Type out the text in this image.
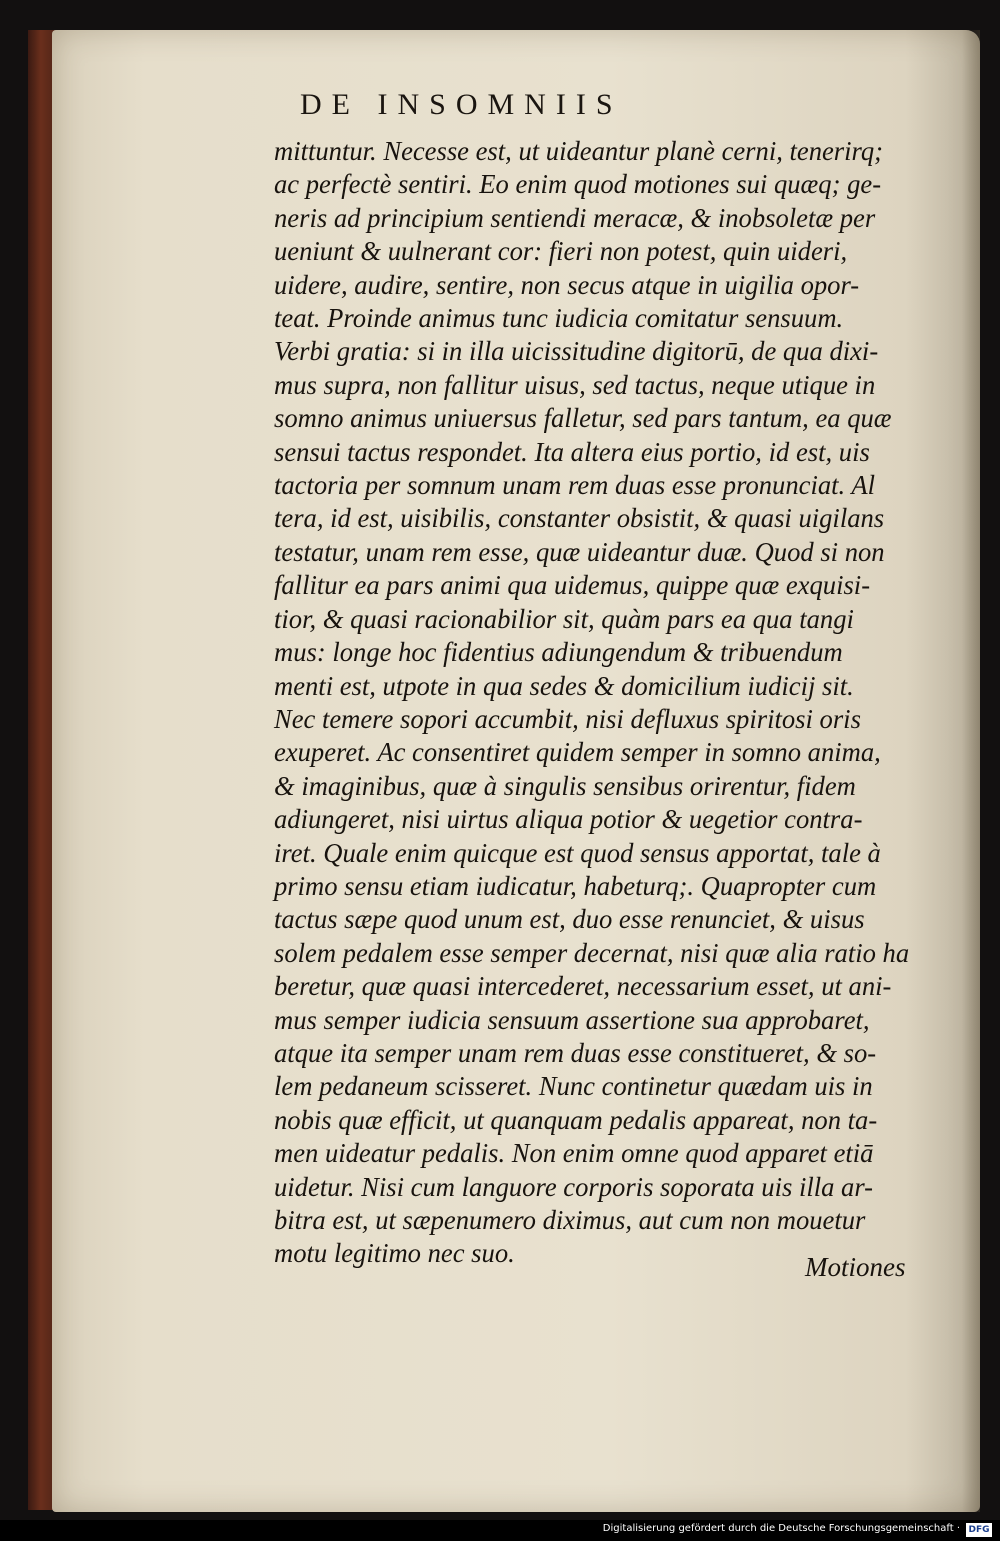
DE INSOMNIIS
mittuntur. Necesse est, ut uideantur planè cerni, tenerirq;
ac perfectè sentiri. Eo enim quod motiones sui quæq; ge-
neris ad principium sentiendi meracæ, & inobsoletæ per
ueniunt & uulnerant cor: fieri non potest, quin uideri,
uidere, audire, sentire, non secus atque in uigilia opor-
teat. Proinde animus tunc iudicia comitatur sensuum.
Verbi gratia: si in illa uicissitudine digitorū, de qua dixi-
mus supra, non fallitur uisus, sed tactus, neque utique in
somno animus uniuersus falletur, sed pars tantum, ea quæ
sensui tactus respondet. Ita altera eius portio, id est, uis
tactoria per somnum unam rem duas esse pronunciat. Al
tera, id est, uisibilis, constanter obsistit, & quasi uigilans
testatur, unam rem esse, quæ uideantur duæ. Quod si non
fallitur ea pars animi qua uidemus, quippe quæ exquisi-
tior, & quasi racionabilior sit, quàm pars ea qua tangi
mus: longe hoc fidentius adiungendum & tribuendum
menti est, utpote in qua sedes & domicilium iudicij sit.
Nec temere sopori accumbit, nisi defluxus spiritosi oris
exuperet. Ac consentiret quidem semper in somno anima,
& imaginibus, quæ à singulis sensibus orirentur, fidem
adiungeret, nisi uirtus aliqua potior & uegetior contra-
iret. Quale enim quicque est quod sensus apportat, tale à
primo sensu etiam iudicatur, habeturq;. Quapropter cum
tactus sæpe quod unum est, duo esse renunciet, & uisus
solem pedalem esse semper decernat, nisi quæ alia ratio ha
beretur, quæ quasi intercederet, necessarium esset, ut ani-
mus semper iudicia sensuum assertione sua approbaret,
atque ita semper unam rem duas esse constitueret, & so-
lem pedaneum scisseret. Nunc continetur quædam uis in
nobis quæ efficit, ut quanquam pedalis appareat, non ta-
men uideatur pedalis. Non enim omne quod apparet etiā
uidetur. Nisi cum languore corporis soporata uis illa ar-
bitra est, ut sæpenumero diximus, aut cum non mouetur
motu legitimo nec suo.	Motiones
Digitalisierung gefördert durch die Deutsche Forschungsgemeinschaft · DFG
